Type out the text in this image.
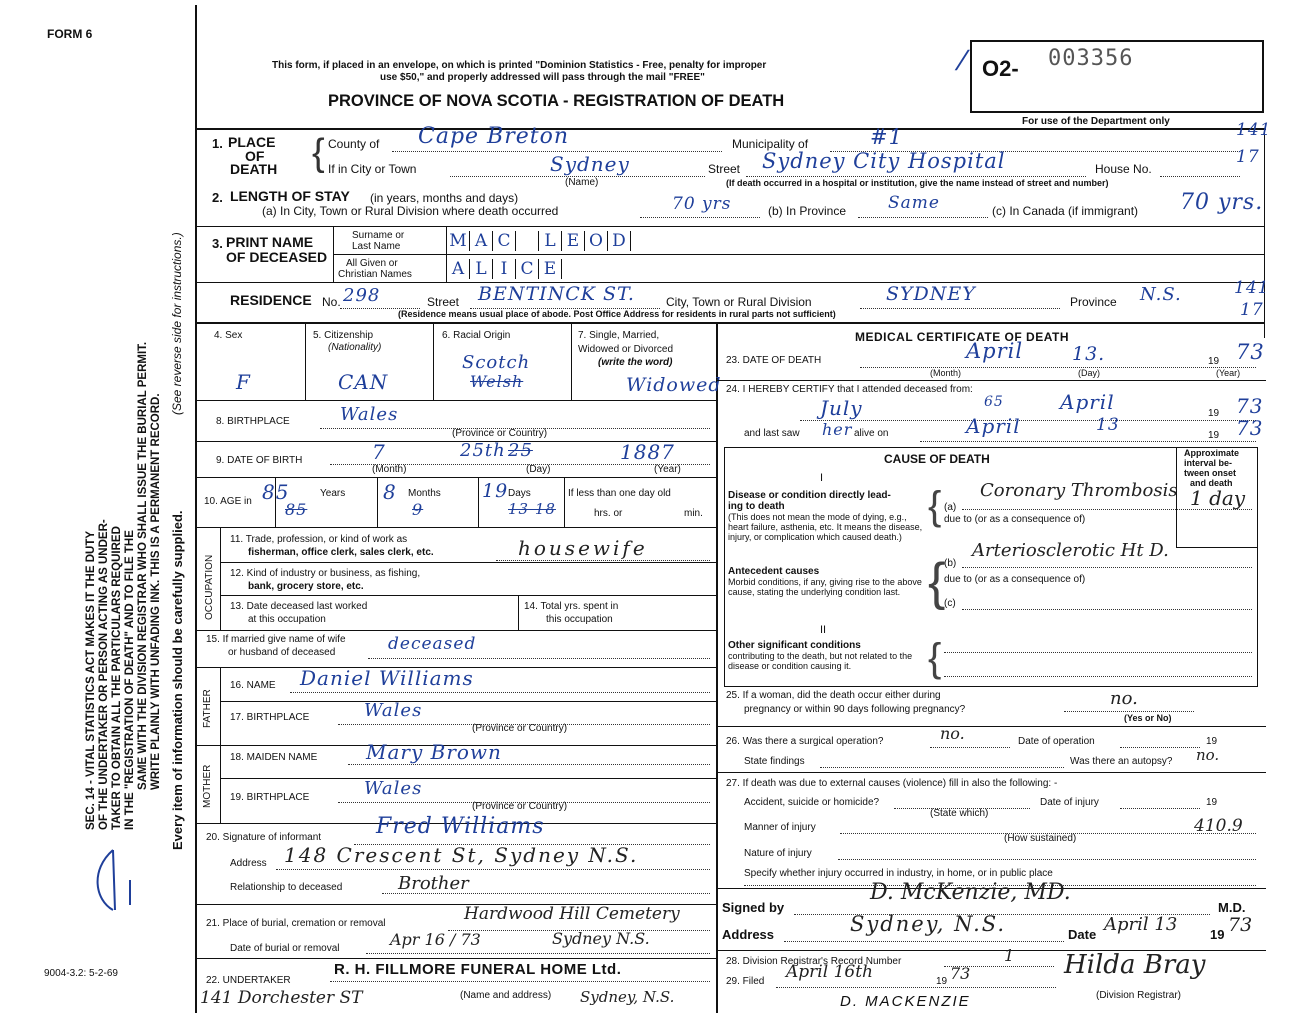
FORM 6
9004-3.2: 5-2-69
SEC. 14 - VITAL STATISTICS ACT MAKES IT THE DUTY OF THE UNDERTAKER OR PERSON ACTING AS UNDER- TAKER TO OBTAIN ALL THE PARTICULARS REQUIRED IN THE "REGISTRATION OF DEATH" AND TO FILE THE SAME WITH THE DIVISION REGISTRAR WHO SHALL ISSUE THE BURIAL PERMIT. WRITE PLAINLY WITH UNFADING INK. THIS IS A PERMANENT RECORD. Every item of information should be carefully supplied.
(See reverse side for instructions.)
This form, if placed in an envelope, on which is printed "Dominion Statistics - Free, penalty for improper
use $50," and properly addressed will pass through the mail "FREE"
PROVINCE OF NOVA SCOTIA - REGISTRATION OF DEATH
O2- 003356
/
For use of the Department only
1. PLACE
OF
DEATH { County of Cape Breton	Municipality of	#1	141
If in City or Town	Sydney
(Name)
Street Sydney City Hospital	House No.
17
(If death occurred in a hospital or institution, give the name instead of street and number)
2. LENGTH OF STAY (in years, months and days)
(a) In City, Town or Rural Division where death occurred	70 yrs	(b) In Province Same	(c) In Canada (if immigrant) 70 yrs.
3. PRINT NAME
OF DECEASED
Surname or
Last Name
All Given or
Christian Names
M A C L E O D
A L I C E
RESIDENCE No. 298	Street BENTINCK ST.	City, Town or Rural Division	SYDNEY	Province N.S.	141
17
(Residence means usual place of abode. Post Office Address for residents in rural parts not sufficient)
4. Sex
F
5. Citizenship
(Nationality)
CAN
6. Racial Origin
Scotch
Welsh
7. Single, Married,
Widowed or Divorced
(write the word)
Widowed
8. BIRTHPLACE	Wales
(Province or Country)
9. DATE OF BIRTH	7	25th 25	1887
(Month)	(Day)	(Year)
10. AGE in 85
85
Years 8
9
Months 19
13 18
Days	If less than one day old
hrs. or	min.
OCCUPATION
11. Trade, profession, or kind of work as
fisherman, office clerk, sales clerk, etc.	housewife
12. Kind of industry or business, as fishing,
bank, grocery store, etc.
13. Date deceased last worked
at this occupation
14. Total yrs. spent in
this occupation
15. If married give name of wife
or husband of deceased	deceased
FATHER
16. NAME Daniel Williams
17. BIRTHPLACE	Wales
(Province or Country)
MOTHER
18. MAIDEN NAME Mary Brown
19. BIRTHPLACE	Wales
(Province or Country)
20. Signature of informant Fred Williams
Address 148 Crescent St, Sydney N.S.
Relationship to deceased	Brother
21. Place of burial, cremation or removal	Hardwood Hill Cemetery
Date of burial or removal	Apr 16 / 73	Sydney N.S.
22. UNDERTAKER
R. H. FILLMORE FUNERAL HOME Ltd.
141 Dorchester ST	(Name and address) Sydney, N.S.
MEDICAL CERTIFICATE OF DEATH
23. DATE OF DEATH	April	13.	19 73
(Month)	(Day)	(Year)
24. I HEREBY CERTIFY that I attended deceased from:
July	65	April	19 73
and last saw her alive on	April	13
19 73
CAUSE OF DEATH	Approximate
interval be-
tween onset
and death
I
Disease or condition directly lead-
ing to death
(This does not mean the mode of dying, e.g., heart failure, asthenia, etc. It means the disease, injury, or complication which caused death.)
{ (a)
Coronary Thrombosis 1 day
due to (or as a consequence of)
Antecedent causes
Morbid conditions, if any, giving rise to the above cause, stating the underlying condition last. {
(b)
Arteriosclerotic Ht D.
due to (or as a consequence of)
(c)
II
Other significant conditions
contributing to the death, but not related to the disease or condition causing it.	{
25. If a woman, did the death occur either during
pregnancy or within 90 days following pregnancy?
no.
(Yes or No)
26. Was there a surgical operation?	no.	Date of operation	19
State findings	Was there an autopsy? no.
27. If death was due to external causes (violence) fill in also the following: -
Accident, suicide or homicide?	Date of injury	19
(State which)
Manner of injury	410.9
(How sustained)
Nature of injury
Specify whether injury occurred in industry, in home, or in public place
Signed by
D. McKenzie, MD.
M.D.
Address	Sydney, N.S.	Date April 13	19 73
28. Division Registrar's Record Number	1
29. Filed April 16th	19 73	Hilda Bray
(Division Registrar)
D. MACKENZIE
